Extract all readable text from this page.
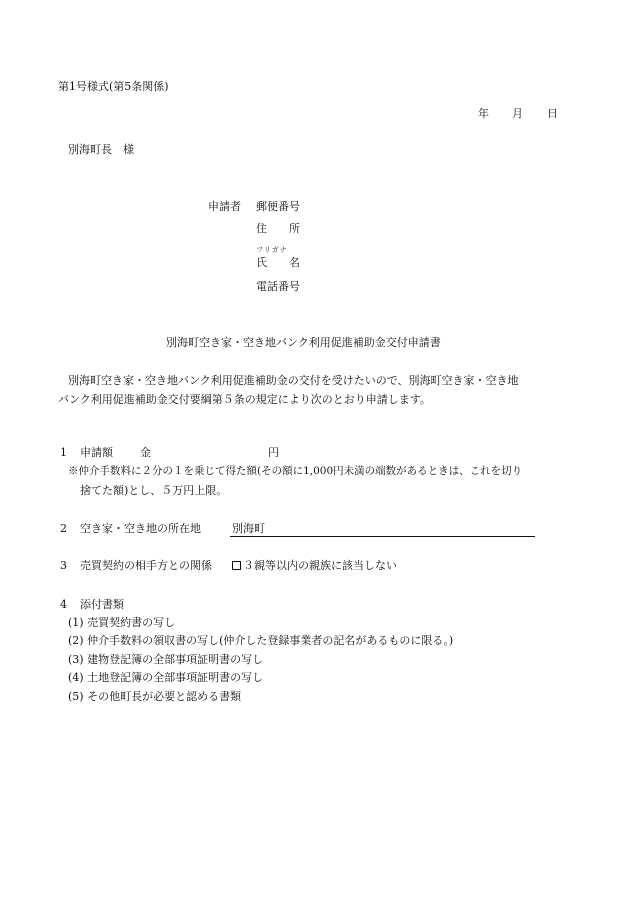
第1号様式(第5条関係)
年 月 日
別海町長　様
申請者 郵便番号
住　　所
フリガナ
氏　　名
電話番号
別海町空き家・空き地バンク利用促進補助金交付申請書
別海町空き家・空き地バンク利用促進補助金の交付を受けたいので、別海町空き家・空き地
バンク利用促進補助金交付要綱第５条の規定により次のとおり申請します。
1 申請額 金	円
※仲介手数料に２分の１を乗じて得た額(その額に1,000円未満の端数があるときは、これを切り
捨てた額)とし、５万円上限。
2 空き家・空き地の所在地	別海町
3 売買契約の相手方との関係	３親等以内の親族に該当しない
4 添付書類
(1) 売買契約書の写し
(2) 仲介手数料の領収書の写し(仲介した登録事業者の記名があるものに限る。)
(3) 建物登記簿の全部事項証明書の写し
(4) 土地登記簿の全部事項証明書の写し
(5) その他町長が必要と認める書類
